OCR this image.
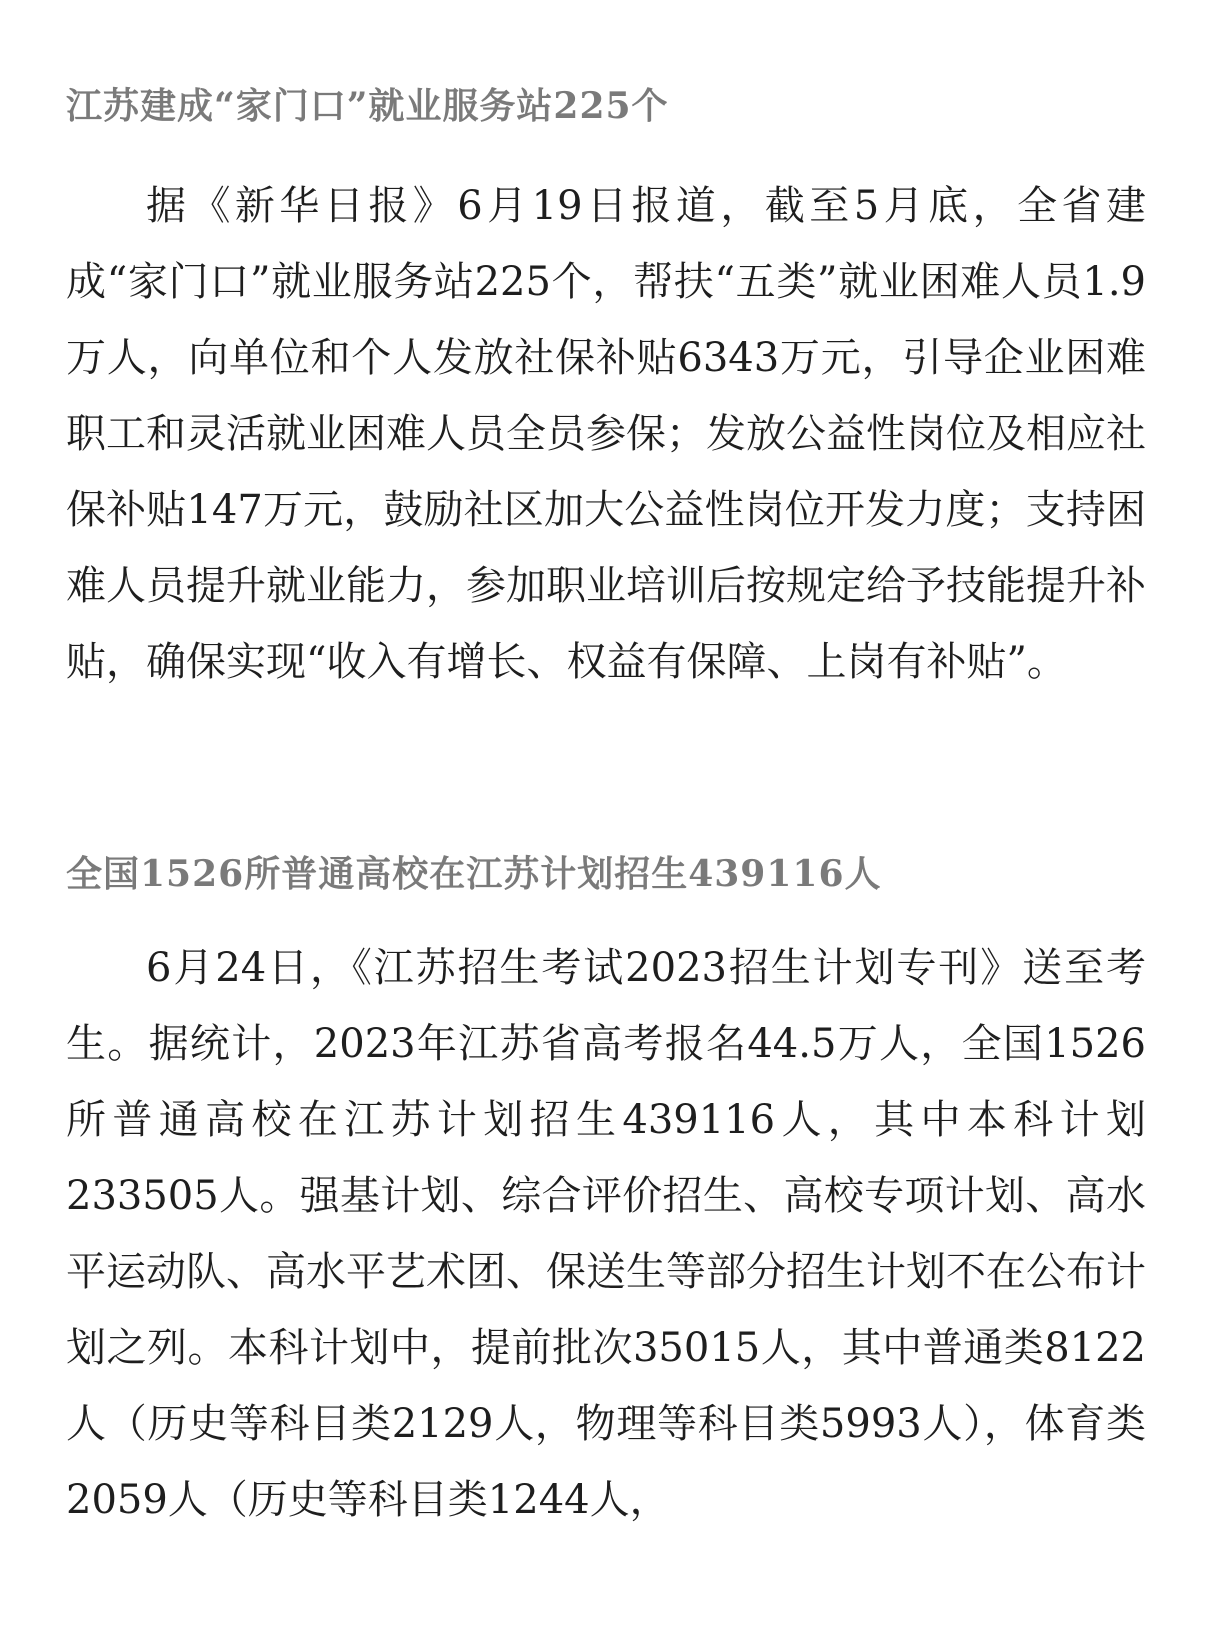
江苏建成“家门口”就业服务站225个

据《新华日报》6月19日报道，截至5月底，全省建成“家门口”就业服务站225个，帮扶“五类”就业困难人员1.9万人，向单位和个人发放社保补贴6343万元，引导企业困难职工和灵活就业困难人员全员参保；发放公益性岗位及相应社保补贴147万元，鼓励社区加大公益性岗位开发力度；支持困难人员提升就业能力，参加职业培训后按规定给予技能提升补贴，确保实现“收入有增长、权益有保障、上岗有补贴”。

全国1526所普通高校在江苏计划招生439116人

6月24日，《江苏招生考试2023招生计划专刊》送至考生。据统计，2023年江苏省高考报名44.5万人，全国1526所普通高校在江苏计划招生439116人，其中本科计划233505人。强基计划、综合评价招生、高校专项计划、高水平运动队、高水平艺术团、保送生等部分招生计划不在公布计划之列。本科计划中，提前批次35015人，其中普通类8122人（历史等科目类2129人，物理等科目类5993人），体育类2059人（历史等科目类1244人，
